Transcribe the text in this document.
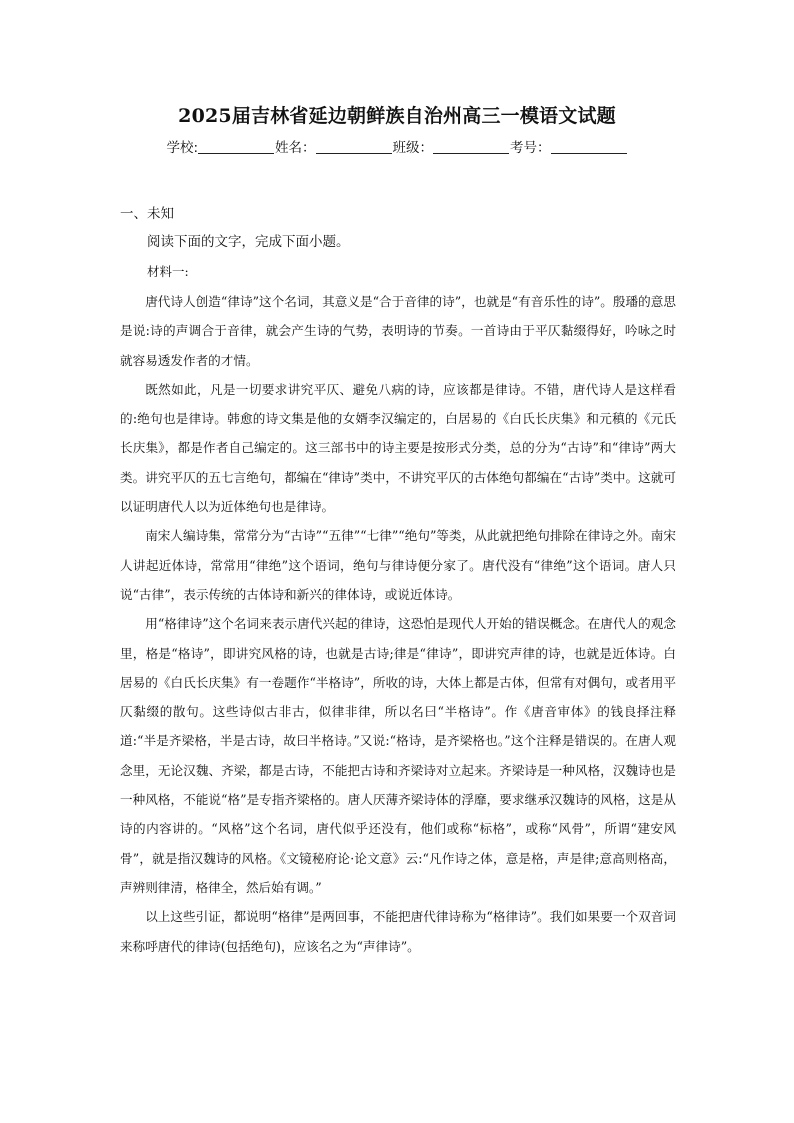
2025届吉林省延边朝鲜族自治州高三一模语文试题
学校:	姓名：	班级：	考号：
一、未知
阅读下面的文字，完成下面小题。
材料一:

唐代诗人创造“律诗”这个名词，其意义是“合于音律的诗”，也就是“有音乐性的诗”。殷璠的意思是说:诗的声调合于音律，就会产生诗的气势，表明诗的节奏。一首诗由于平仄黏缀得好，吟咏之时就容易透发作者的才情。

既然如此，凡是一切要求讲究平仄、避免八病的诗，应该都是律诗。不错，唐代诗人是这样看的:绝句也是律诗。韩愈的诗文集是他的女婿李汉编定的，白居易的《白氏长庆集》和元稹的《元氏长庆集》，都是作者自己编定的。这三部书中的诗主要是按形式分类，总的分为“古诗”和“律诗”两大类。讲究平仄的五七言绝句，都编在“律诗”类中，不讲究平仄的古体绝句都编在“古诗”类中。这就可以证明唐代人以为近体绝句也是律诗。

南宋人编诗集，常常分为“古诗”“五律”“七律”“绝句”等类，从此就把绝句排除在律诗之外。南宋人讲起近体诗，常常用“律绝”这个语词，绝句与律诗便分家了。唐代没有“律绝”这个语词。唐人只说“古律”，表示传统的古体诗和新兴的律体诗，或说近体诗。

用“格律诗”这个名词来表示唐代兴起的律诗，这恐怕是现代人开始的错误概念。在唐代人的观念里，格是“格诗”，即讲究风格的诗，也就是古诗;律是“律诗”，即讲究声律的诗，也就是近体诗。白居易的《白氏长庆集》有一卷题作“半格诗”，所收的诗，大体上都是古体，但常有对偶句，或者用平仄黏缀的散句。这些诗似古非古，似律非律，所以名曰“半格诗”。作《唐音审体》的钱良择注释道:“半是齐梁格，半是古诗，故曰半格诗。”又说:“格诗，是齐梁格也。”这个注释是错误的。在唐人观念里，无论汉魏、齐梁，都是古诗，不能把古诗和齐梁诗对立起来。齐梁诗是一种风格，汉魏诗也是一种风格，不能说“格”是专指齐梁格的。唐人厌薄齐梁诗体的浮靡，要求继承汉魏诗的风格，这是从诗的内容讲的。“风格”这个名词，唐代似乎还没有，他们或称“标格”，或称“风骨”，所谓“建安风骨”，就是指汉魏诗的风格。《文镜秘府论·论文意》云:“凡作诗之体，意是格，声是律;意高则格高，声辨则律清，格律全，然后始有调。”

以上这些引证，都说明“格律”是两回事，不能把唐代律诗称为“格律诗”。我们如果要一个双音词来称呼唐代的律诗(包括绝句)，应该名之为“声律诗”。
